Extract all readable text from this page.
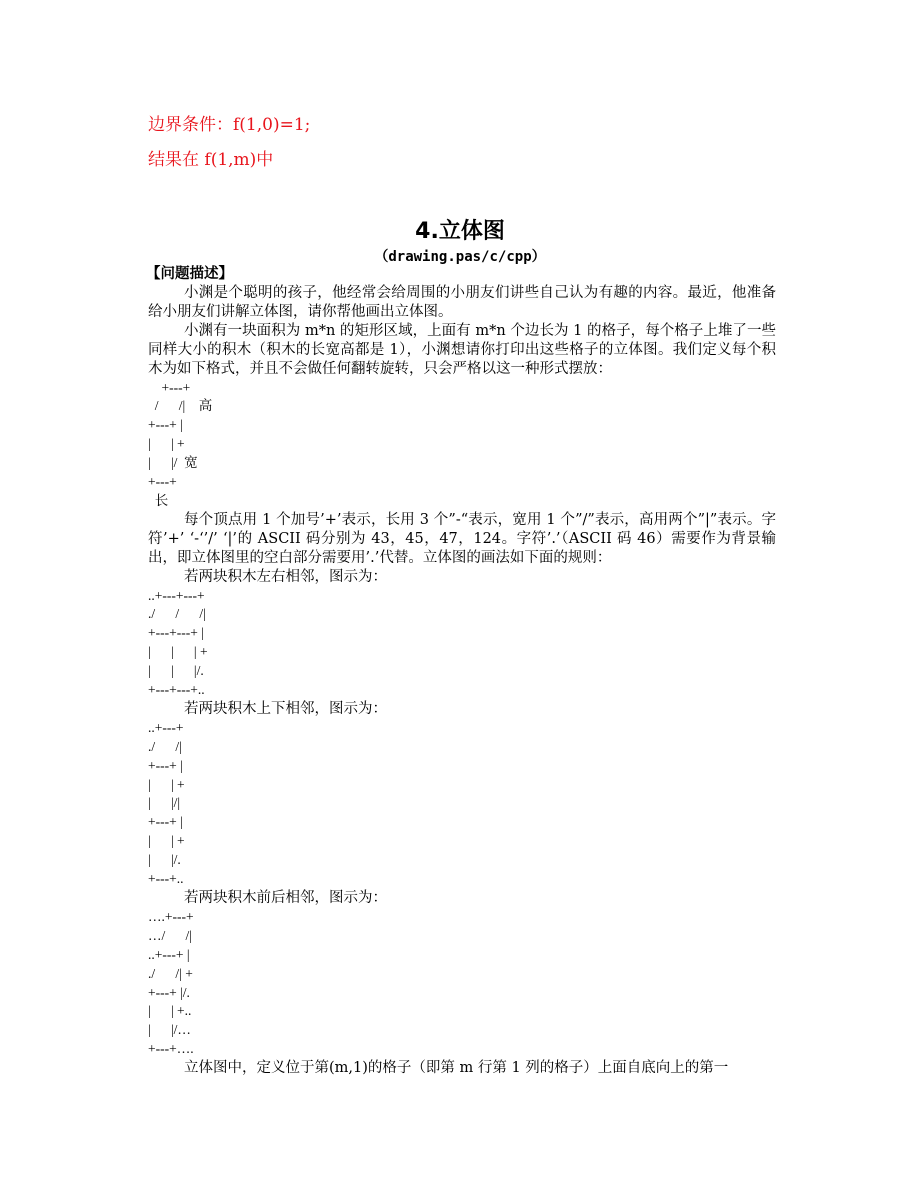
边界条件：f(1,0)=1;

结果在 f(1,m)中

4.立体图

（drawing.pas/c/cpp）

【问题描述】

小渊是个聪明的孩子，他经常会给周围的小朋友们讲些自己认为有趣的内容。最近，他准备给小朋友们讲解立体图，请你帮他画出立体图。

小渊有一块面积为 m*n 的矩形区域，上面有 m*n 个边长为 1 的格子，每个格子上堆了一些同样大小的积木（积木的长宽高都是 1），小渊想请你打印出这些格子的立体图。我们定义每个积木为如下格式，并且不会做任何翻转旋转，只会严格以这一种形式摆放：

+---+
/      /|    高
+---+ |
|      | +
|      |/  宽
+---+
长

每个顶点用 1 个加号’+’表示，长用 3 个”-“表示，宽用 1 个”/”表示，高用两个”|”表示。字符’+’ ‘-‘’/’ ‘|’的 ASCII 码分别为 43，45，47，124。字符’.’（ASCII 码 46）需要作为背景输出，即立体图里的空白部分需要用’.’代替。立体图的画法如下面的规则：

若两块积木左右相邻，图示为：

..+---+---+
./      /      /|
+---+---+ |
|      |      | +
|      |      |/.
+---+---+..

若两块积木上下相邻，图示为：

..+---+
./      /|
+---+ |
|      | +
|      |/|
+---+ |
|      | +
|      |/.
+---+..

若两块积木前后相邻，图示为：

….+---+
…/      /|
..+---+ |
./      /| +
+---+ |/.
|      | +..
|      |/…
+---+….

立体图中，定义位于第(m,1)的格子（即第 m 行第 1 列的格子）上面自底向上的第一
